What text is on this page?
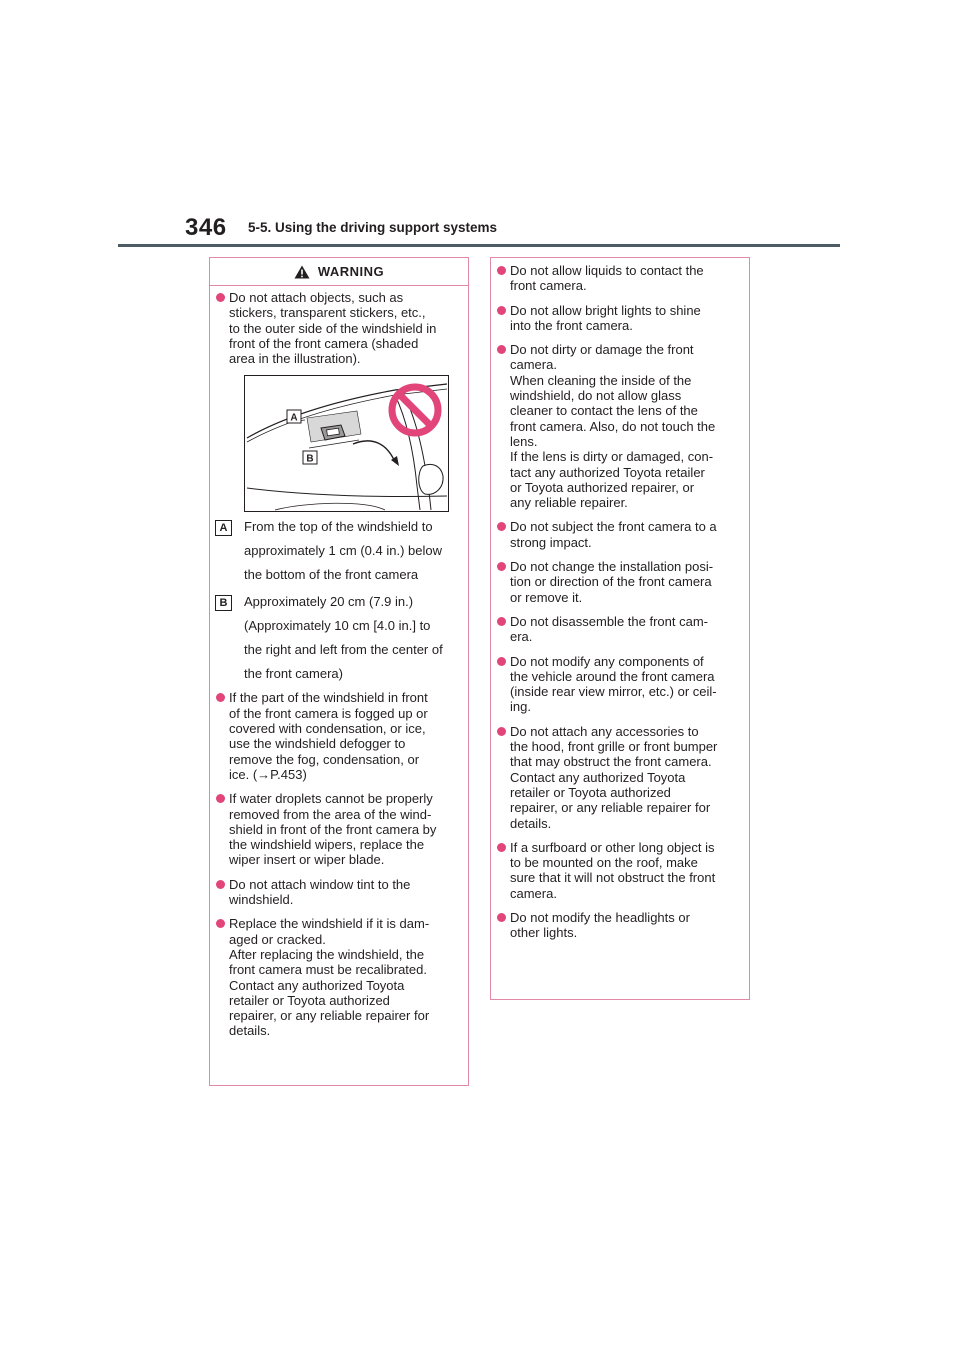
346 5-5. Using the driving support systems
WARNING
Do not attach objects, such as
stickers, transparent stickers, etc.,
to the outer side of the windshield in
front of the front camera (shaded
area in the illustration).
A
B
A	From the top of the windshield to
approximately 1 cm (0.4 in.) below
the bottom of the front camera
B	Approximately 20 cm (7.9 in.)
(Approximately 10 cm [4.0 in.] to
the right and left from the center of
the front camera)
If the part of the windshield in front
of the front camera is fogged up or
covered with condensation, or ice,
use the windshield defogger to
remove the fog, condensation, or
ice. (→P.453)
If water droplets cannot be properly
removed from the area of the wind-
shield in front of the front camera by
the windshield wipers, replace the
wiper insert or wiper blade.
Do not attach window tint to the
windshield.
Replace the windshield if it is dam-
aged or cracked.
After replacing the windshield, the
front camera must be recalibrated.
Contact any authorized Toyota
retailer or Toyota authorized
repairer, or any reliable repairer for
details.
Do not allow liquids to contact the
front camera.
Do not allow bright lights to shine
into the front camera.
Do not dirty or damage the front
camera.
When cleaning the inside of the
windshield, do not allow glass
cleaner to contact the lens of the
front camera. Also, do not touch the
lens.
If the lens is dirty or damaged, con-
tact any authorized Toyota retailer
or Toyota authorized repairer, or
any reliable repairer.
Do not subject the front camera to a
strong impact.
Do not change the installation posi-
tion or direction of the front camera
or remove it.
Do not disassemble the front cam-
era.
Do not modify any components of
the vehicle around the front camera
(inside rear view mirror, etc.) or ceil-
ing.
Do not attach any accessories to
the hood, front grille or front bumper
that may obstruct the front camera.
Contact any authorized Toyota
retailer or Toyota authorized
repairer, or any reliable repairer for
details.
If a surfboard or other long object is
to be mounted on the roof, make
sure that it will not obstruct the front
camera.
Do not modify the headlights or
other lights.
